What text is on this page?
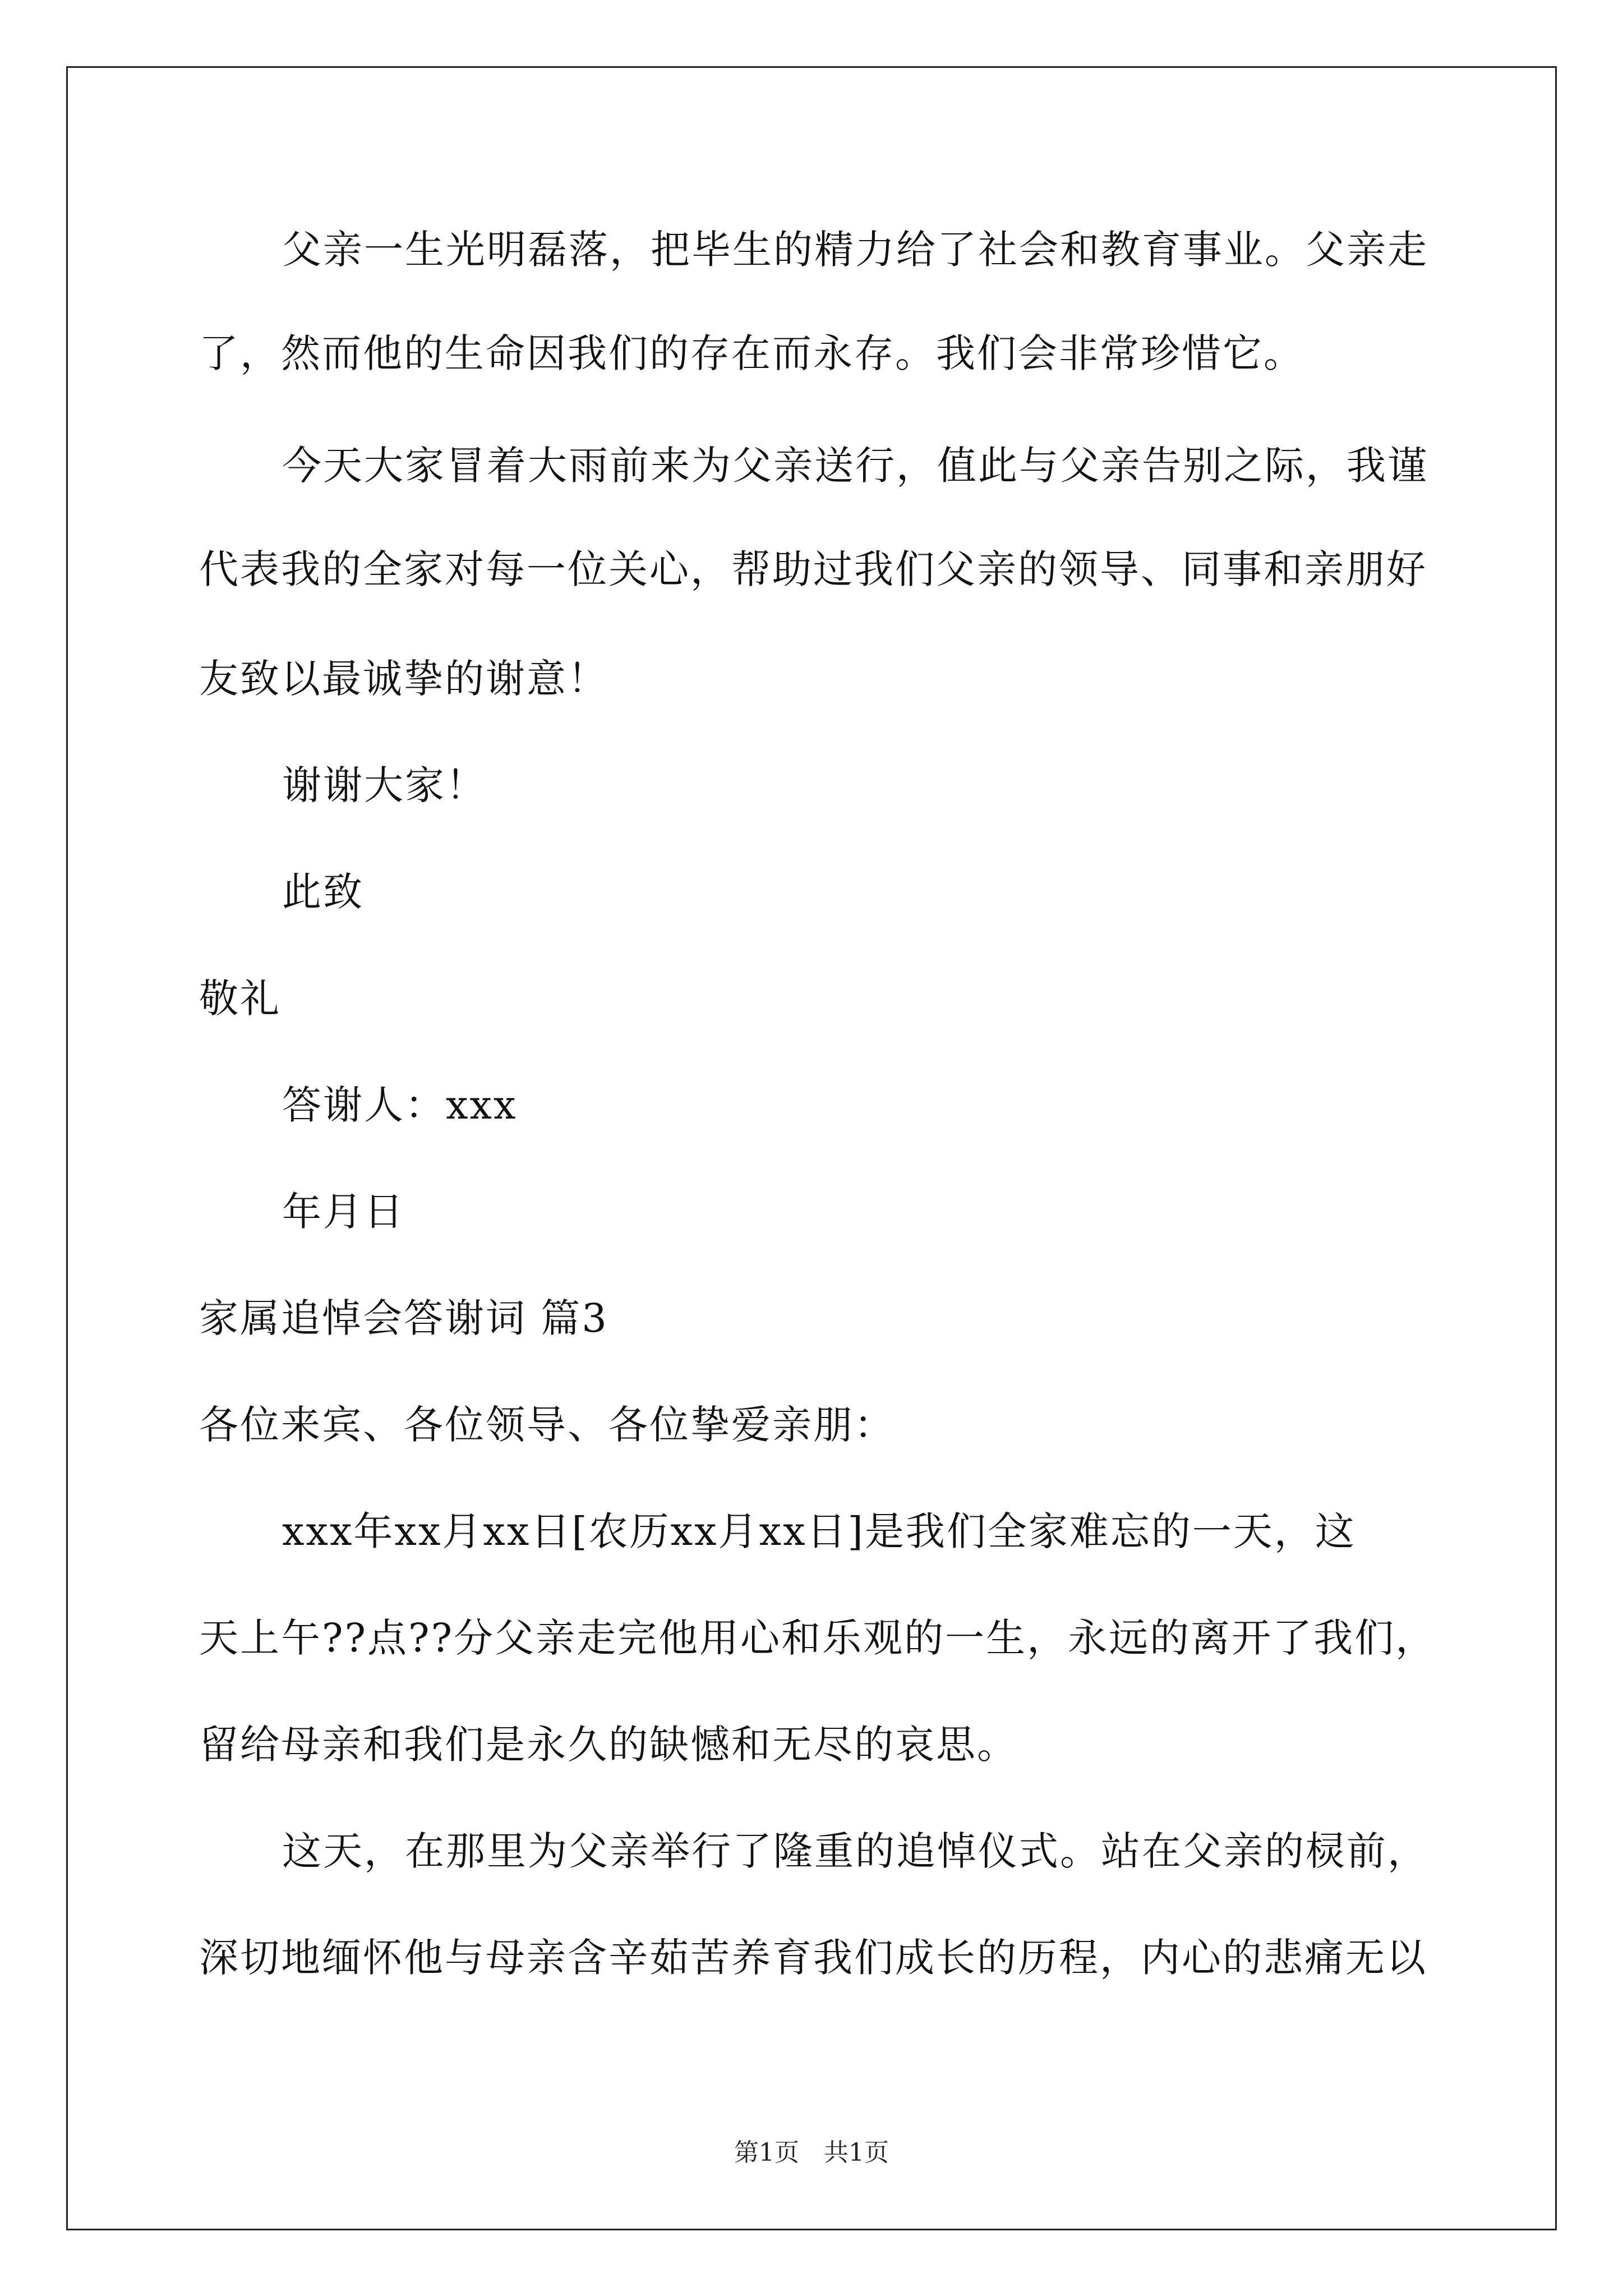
父亲一生光明磊落，把毕生的精力给了社会和教育事业。父亲走
了，然而他的生命因我们的存在而永存。我们会非常珍惜它。
今天大家冒着大雨前来为父亲送行，值此与父亲告别之际，我谨
代表我的全家对每一位关心，帮助过我们父亲的领导、同事和亲朋好
友致以最诚挚的谢意！
谢谢大家！
此致
敬礼
答谢人：xxx
年月日
家属追悼会答谢词 篇3
各位来宾、各位领导、各位挚爱亲朋：
xxx年xx月xx日[农历xx月xx日]是我们全家难忘的一天，这
天上午??点??分父亲走完他用心和乐观的一生，永远的离开了我们，
留给母亲和我们是永久的缺憾和无尽的哀思。
这天，在那里为父亲举行了隆重的追悼仪式。站在父亲的棂前，
深切地缅怀他与母亲含辛茹苦养育我们成长的历程，内心的悲痛无以
第1页　共1页
